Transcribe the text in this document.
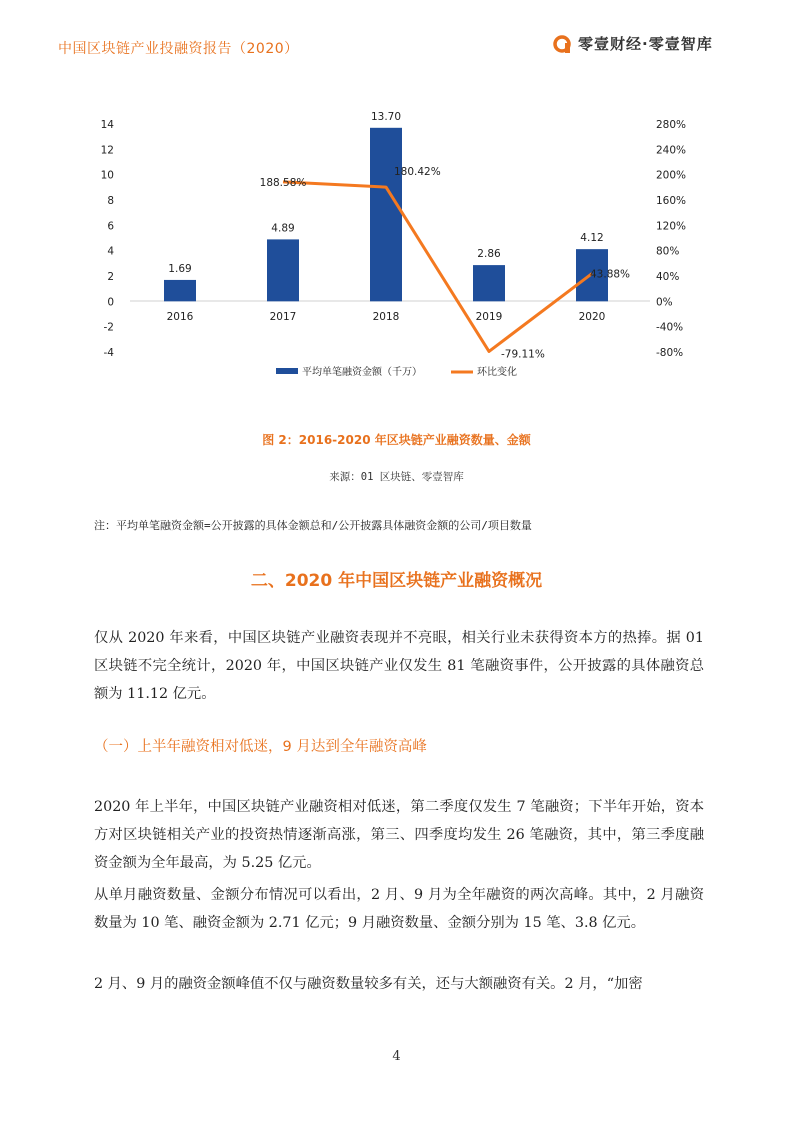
中国区块链产业投融资报告（2020）	零壹财经·零壹智库
14
12
10
8
6
4
2
0
-2
-4
280%
240%
200%
160%
120%
80%
40%
0%
-40%
-80%
2016	2017	2018	2019	2020
1.69
4.89
13.70
2.86
4.12
188.58%
180.42%
-79.11%
43.88%
平均单笔融资金额（千万）	环比变化
图 2：2016-2020 年区块链产业融资数量、金额
来源：01 区块链、零壹智库
注：平均单笔融资金额=公开披露的具体金额总和/公开披露具体融资金额的公司/项目数量
二、2020 年中国区块链产业融资概况
仅从 2020 年来看，中国区块链产业融资表现并不亮眼，相关行业未获得资本方的热捧。据 01 区块链不完全统计，2020 年，中国区块链产业仅发生 81 笔融资事件，公开披露的具体融资总额为 11.12 亿元。
（一）上半年融资相对低迷，9 月达到全年融资高峰
2020 年上半年，中国区块链产业融资相对低迷，第二季度仅发生 7 笔融资；下半年开始，资本方对区块链相关产业的投资热情逐渐高涨，第三、四季度均发生 26 笔融资，其中，第三季度融资金额为全年最高，为 5.25 亿元。
从单月融资数量、金额分布情况可以看出，2 月、9 月为全年融资的两次高峰。其中，2 月融资数量为 10 笔、融资金额为 2.71 亿元；9 月融资数量、金额分别为 15 笔、3.8 亿元。
2 月、9 月的融资金额峰值不仅与融资数量较多有关，还与大额融资有关。2 月，“加密
4
